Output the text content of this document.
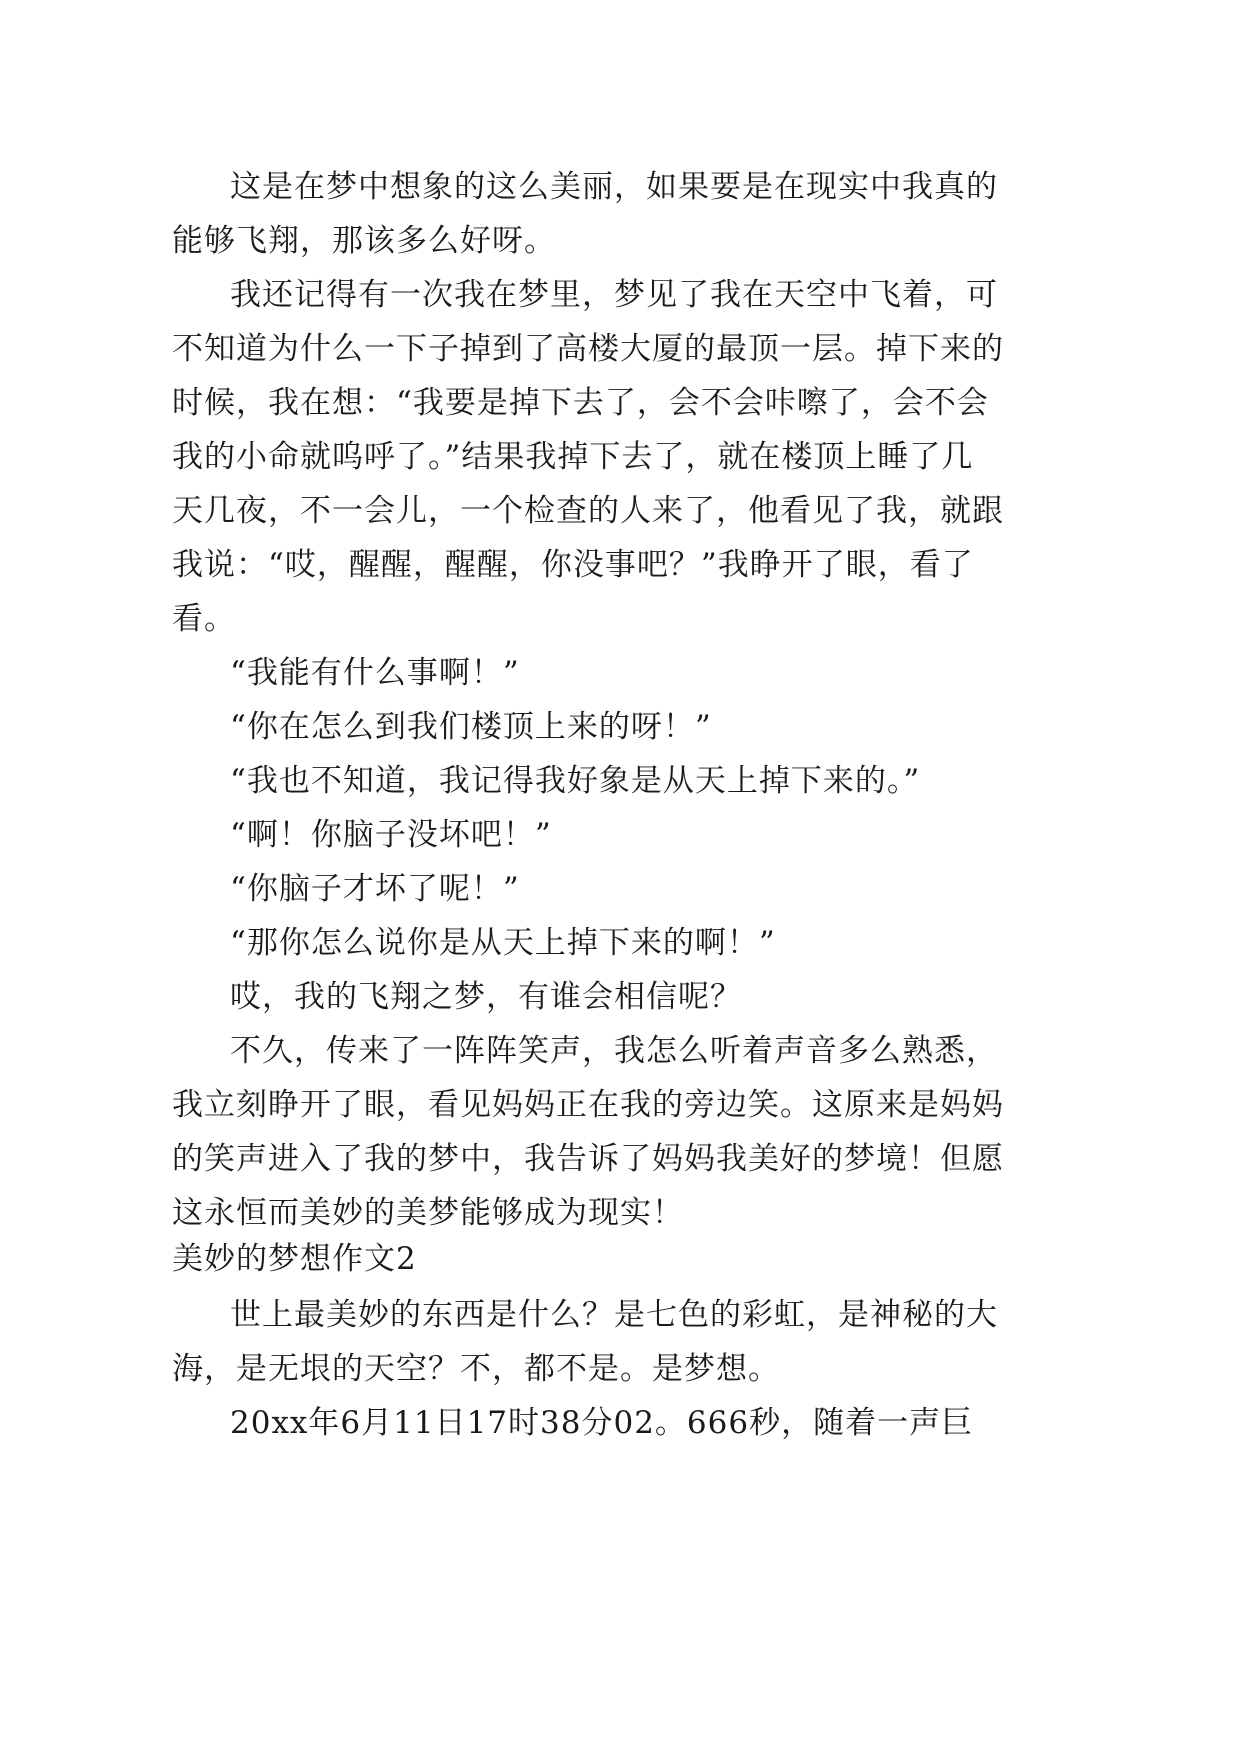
这是在梦中想象的这么美丽，如果要是在现实中我真的
能够飞翔，那该多么好呀。
我还记得有一次我在梦里，梦见了我在天空中飞着，可
不知道为什么一下子掉到了高楼大厦的最顶一层。掉下来的
时候，我在想：“我要是掉下去了，会不会咔嚓了，会不会
我的小命就呜呼了。”结果我掉下去了，就在楼顶上睡了几
天几夜，不一会儿，一个检查的人来了，他看见了我，就跟
我说：“哎，醒醒，醒醒，你没事吧？”我睁开了眼，看了
看。
“我能有什么事啊！”
“你在怎么到我们楼顶上来的呀！”
“我也不知道，我记得我好象是从天上掉下来的。”
“啊！你脑子没坏吧！”
“你脑子才坏了呢！”
“那你怎么说你是从天上掉下来的啊！”
哎，我的飞翔之梦，有谁会相信呢？
不久，传来了一阵阵笑声，我怎么听着声音多么熟悉，
我立刻睁开了眼，看见妈妈正在我的旁边笑。这原来是妈妈
的笑声进入了我的梦中，我告诉了妈妈我美好的梦境！但愿
这永恒而美妙的美梦能够成为现实！
美妙的梦想作文2
世上最美妙的东西是什么？是七色的彩虹，是神秘的大
海，是无垠的天空？不，都不是。是梦想。
20xx年6月11日17时38分02。666秒，随着一声巨
